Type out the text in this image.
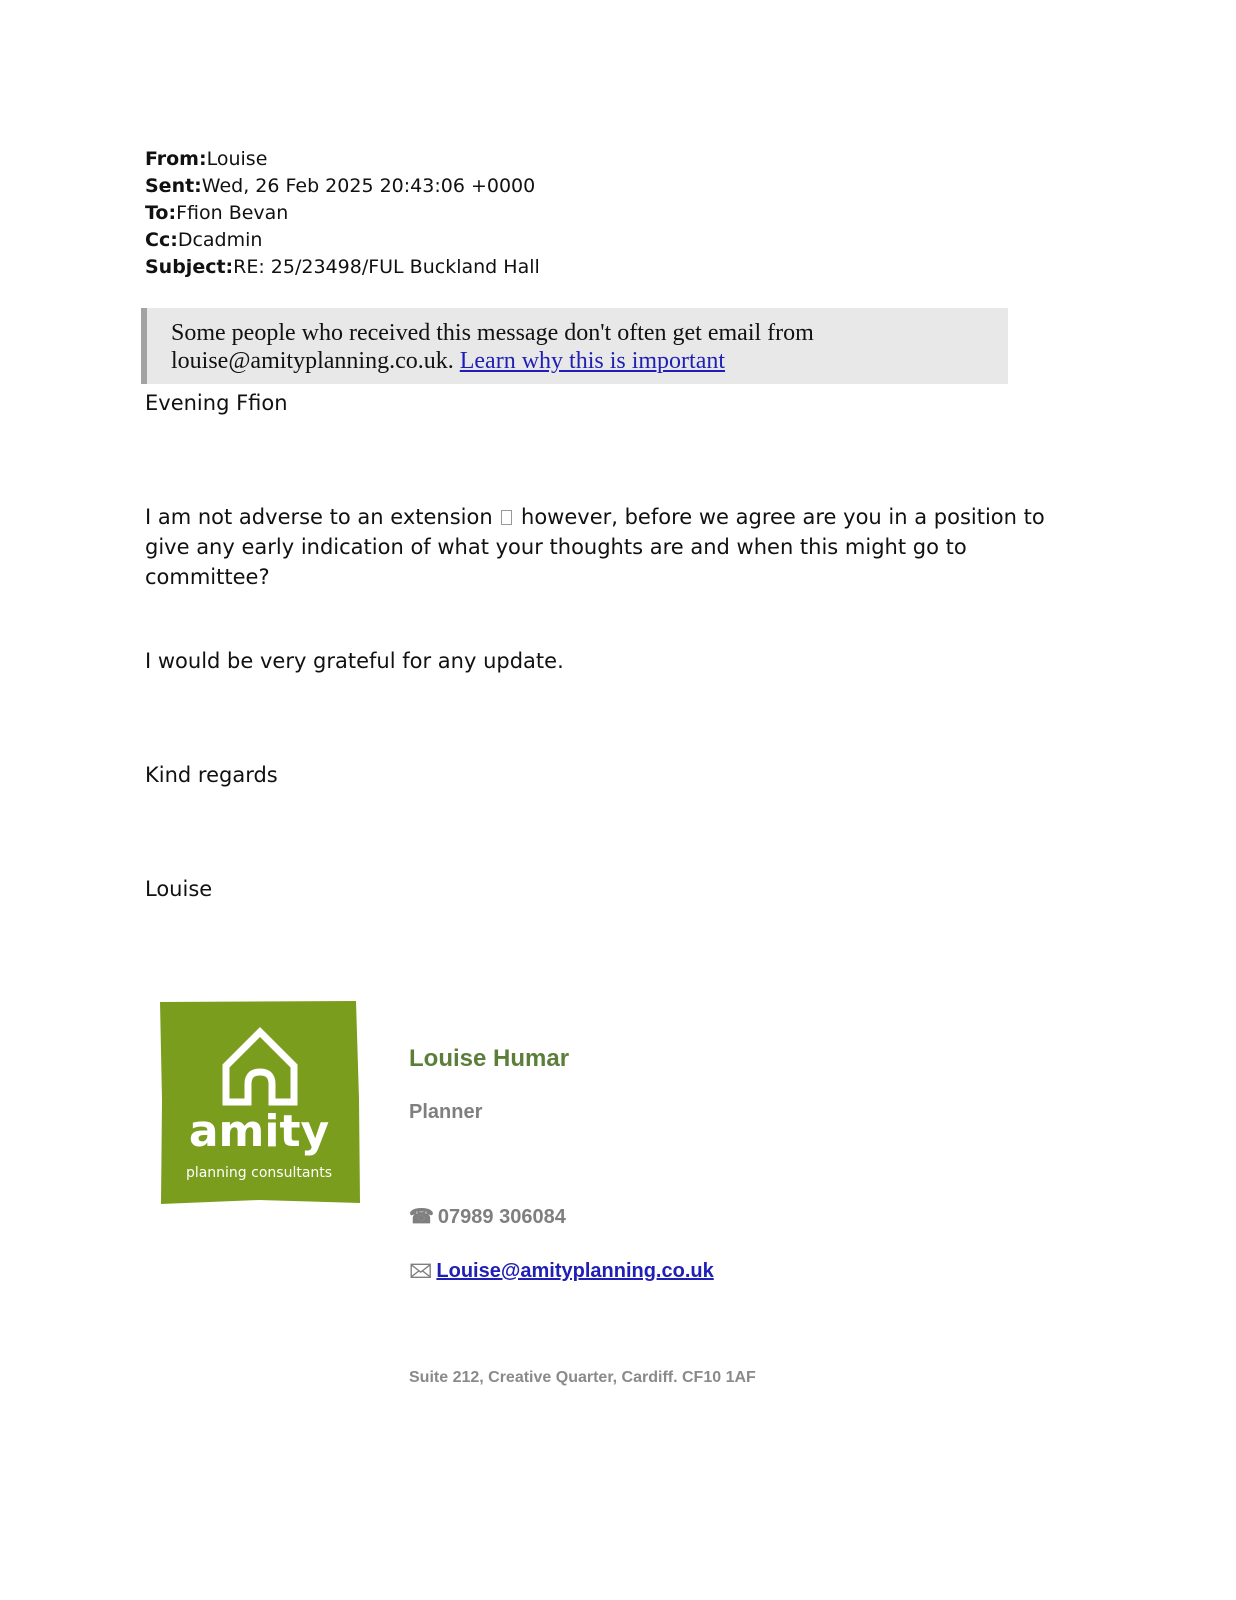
From:Louise
Sent:Wed, 26 Feb 2025 20:43:06 +0000
To:Ffion Bevan
Cc:Dcadmin
Subject:RE: 25/23498/FUL Buckland Hall
Some people who received this message don't often get email from louise@amityplanning.co.uk. Learn why this is important
Evening Ffion
I am not adverse to an extension however, before we agree are you in a position to give any early indication of what your thoughts are and when this might go to committee?
I would be very grateful for any update.
Kind regards
Louise
amity
planning consultants
Louise Humar
Planner
☎ 07989 306084
🖂 Louise@amityplanning.co.uk
Suite 212, Creative Quarter, Cardiff. CF10 1AF
